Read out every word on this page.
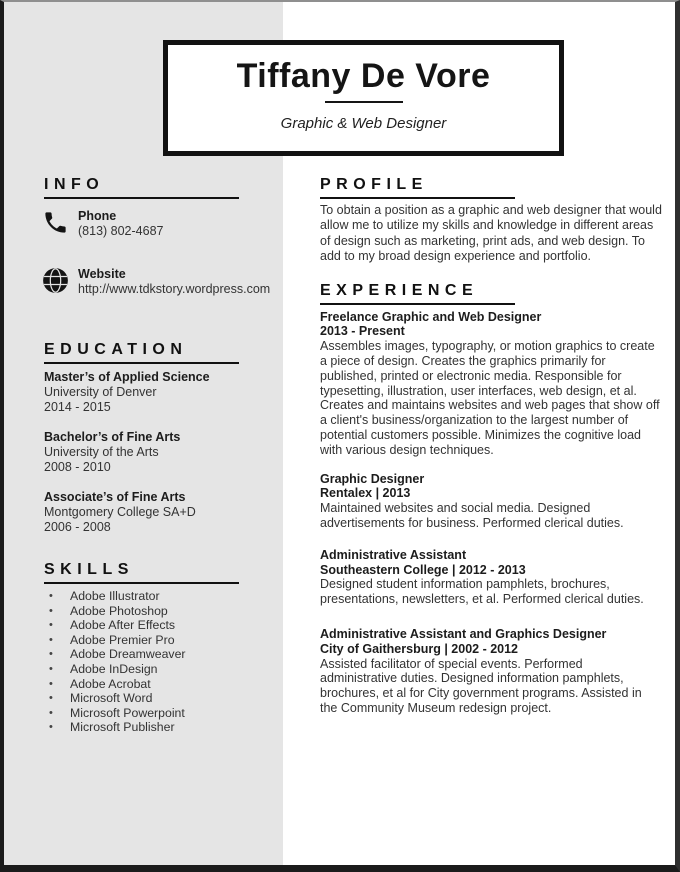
Tiffany De Vore
Graphic & Web Designer
INFO
Phone
(813) 802-4687
Website
http://www.tdkstory.wordpress.com
EDUCATION
Master’s of Applied Science
University of Denver
2014 - 2015
Bachelor’s of Fine Arts
University of the Arts
2008 - 2010
Associate’s of Fine Arts
Montgomery College SA+D
2006 - 2008
SKILLS
•	Adobe Illustrator
•	Adobe Photoshop
•	Adobe After Effects
•	Adobe Premier Pro
•	Adobe Dreamweaver
•	Adobe InDesign
•	Adobe Acrobat
•	Microsoft Word
•	Microsoft Powerpoint
•	Microsoft Publisher
PROFILE
To obtain a position as a graphic and web designer that would allow me to utilize my skills and knowledge in different areas of design such as marketing, print ads, and web design. To add to my broad design experience and portfolio.
EXPERIENCE
Freelance Graphic and Web Designer
2013 - Present
Assembles images, typography, or motion graphics to create a piece of design. Creates the graphics primarily for published, printed or electronic media. Responsible for typesetting, illustration, user interfaces, web design, et al. Creates and maintains websites and web pages that show off a client's business/organization to the largest number of potential customers possible. Minimizes the cognitive load with various design techniques.
Graphic Designer
Rentalex | 2013
Maintained websites and social media. Designed advertisements for business. Performed clerical duties.
Administrative Assistant
Southeastern College | 2012 - 2013
Designed student information pamphlets, brochures, presentations, newsletters, et al. Performed clerical duties.
Administrative Assistant and Graphics Designer
City of Gaithersburg | 2002 - 2012
Assisted facilitator of special events. Performed administrative duties. Designed information pamphlets, brochures, et al for City government programs. Assisted in the Community Museum redesign project.
